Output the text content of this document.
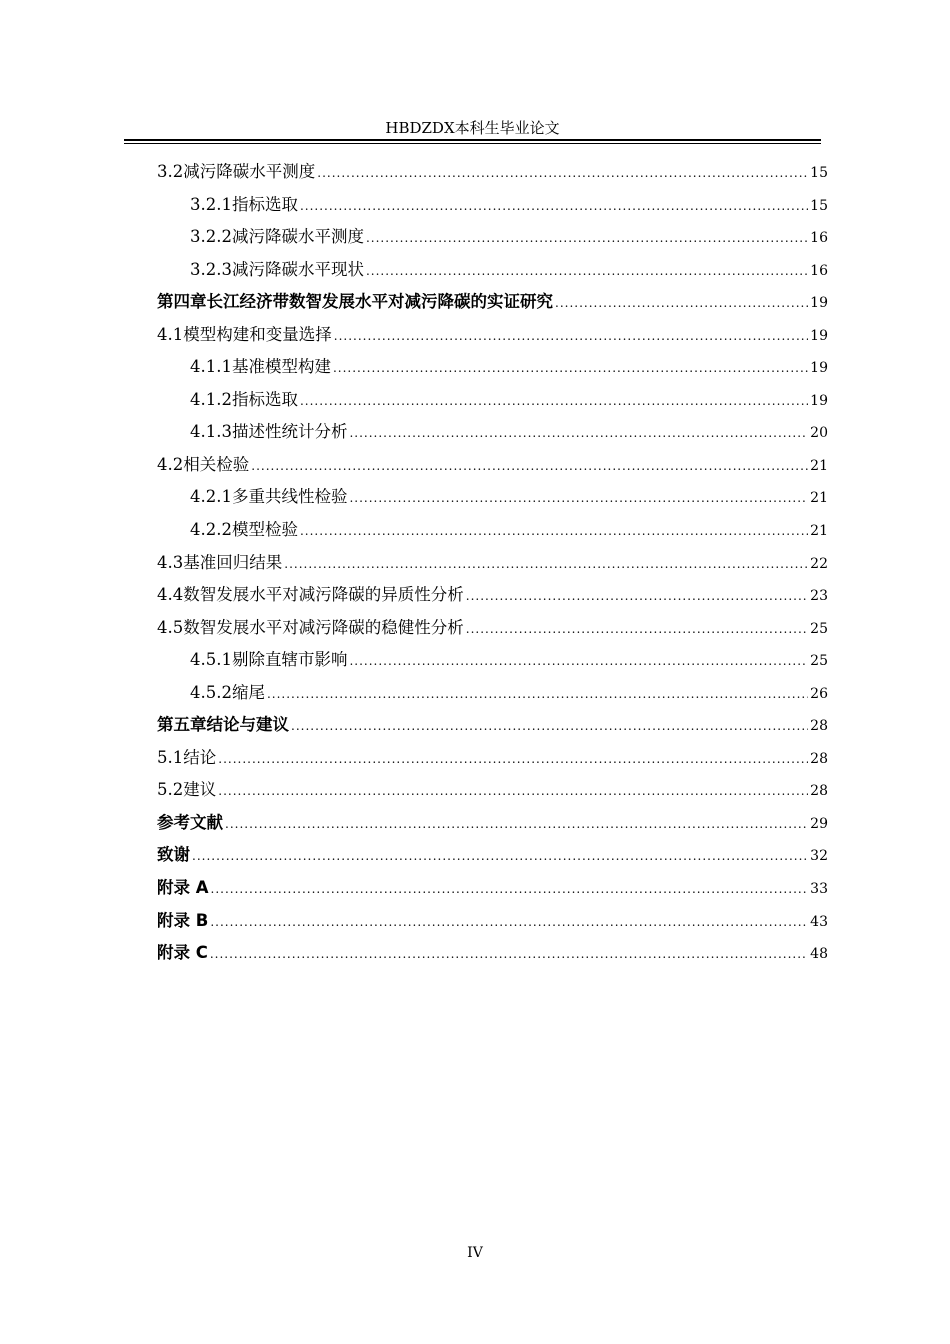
HBDZDX本科生毕业论文
3.2 减污降碳水平测度 .....	15
3.2.1 指标选取 .....	15
3.2.2 减污降碳水平测度 .....	16
3.2.3 减污降碳水平现状 .....	16
第四章 长江经济带数智发展水平对减污降碳的实证研究 .....	19
4.1 模型构建和变量选择 .....	19
4.1.1 基准模型构建 .....	19
4.1.2 指标选取 .....	19
4.1.3 描述性统计分析 .....	20
4.2 相关检验 .....	21
4.2.1 多重共线性检验 .....	21
4.2.2 模型检验 .....	21
4.3 基准回归结果 .....	22
4.4 数智发展水平对减污降碳的异质性分析 .....	23
4.5 数智发展水平对减污降碳的稳健性分析 .....	25
4.5.1 剔除直辖市影响 .....	25
4.5.2 缩尾 .....	26
第五章 结论与建议 .....	28
5.1 结论 .....	28
5.2 建议 .....	28
参考文献 .....	29
致谢 .....	32
附录 A .....	33
附录 B .....	43
附录 C .....	48
IV
